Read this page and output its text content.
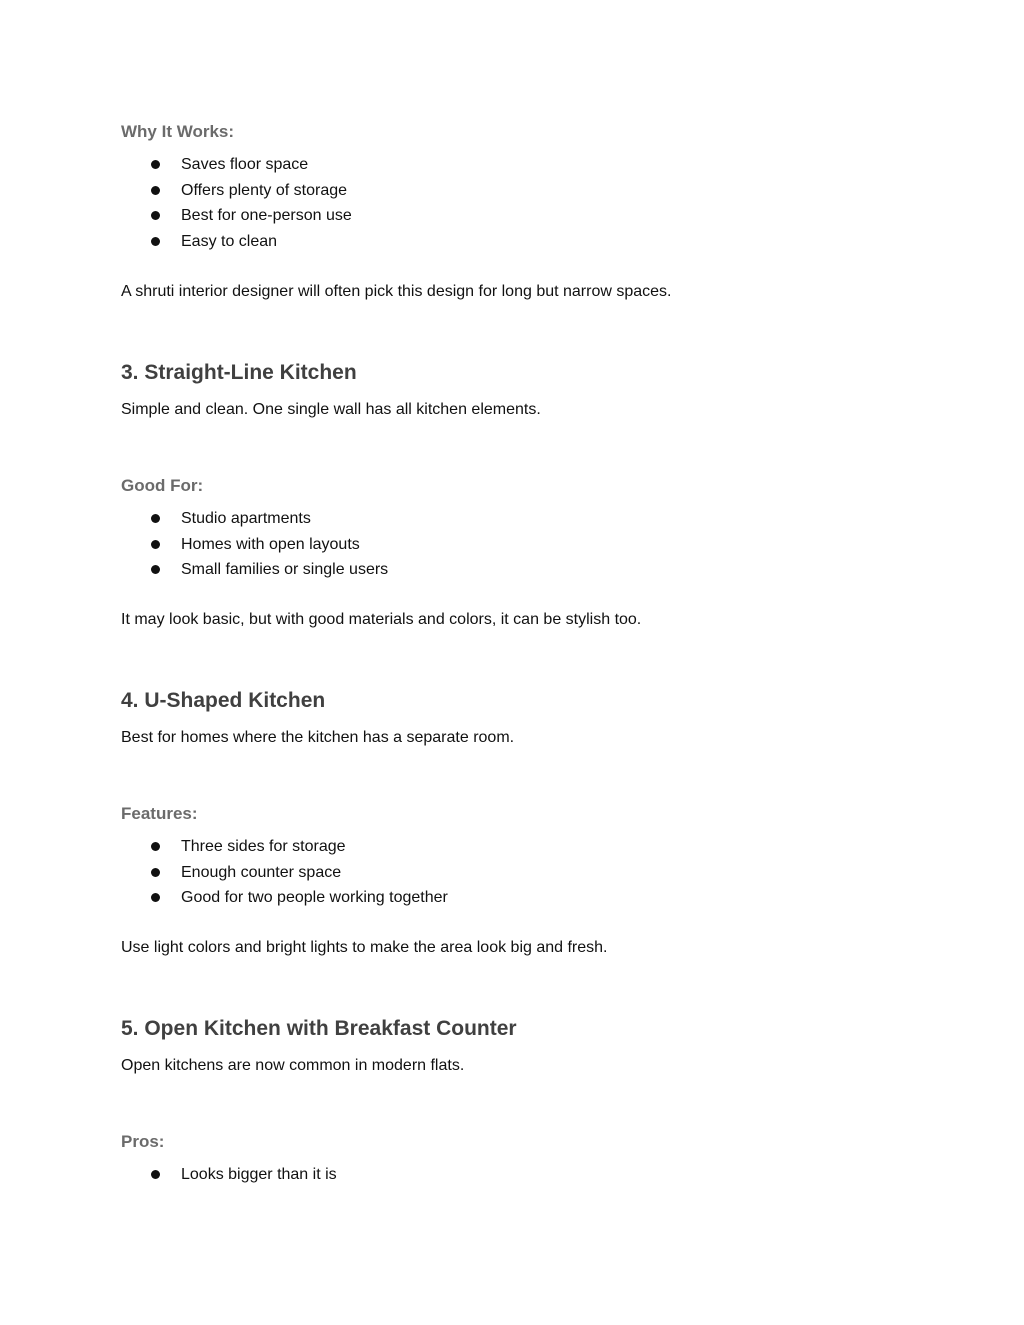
Why It Works:

Saves floor space
Offers plenty of storage
Best for one-person use
Easy to clean

A shruti interior designer will often pick this design for long but narrow spaces.

3. Straight-Line Kitchen

Simple and clean. One single wall has all kitchen elements.

Good For:

Studio apartments
Homes with open layouts
Small families or single users

It may look basic, but with good materials and colors, it can be stylish too.

4. U-Shaped Kitchen

Best for homes where the kitchen has a separate room.

Features:

Three sides for storage
Enough counter space
Good for two people working together

Use light colors and bright lights to make the area look big and fresh.

5. Open Kitchen with Breakfast Counter

Open kitchens are now common in modern flats.

Pros:

Looks bigger than it is
